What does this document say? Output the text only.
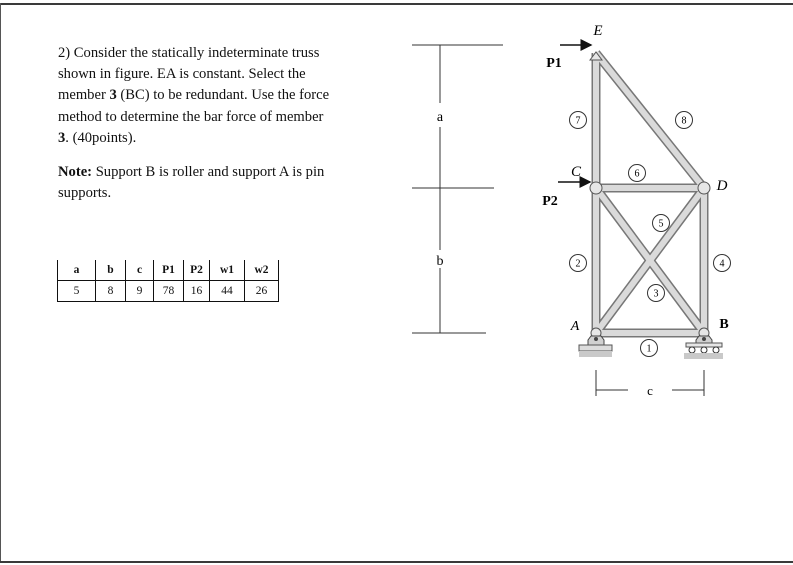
2) Consider the statically indeterminate truss

shown in figure. EA is constant. Select the

member 3 (BC) to be redundant. Use the force

method to determine the bar force of member

3. (40points).

Note: Support B is roller and support A is pin

supports.

a	b	c	P1	P2	w1	w2
5	8	9	78	16	44	26
a
b
c
P1
P2
E
C
D
A	B
1
2
3
4
5
6
7	8
